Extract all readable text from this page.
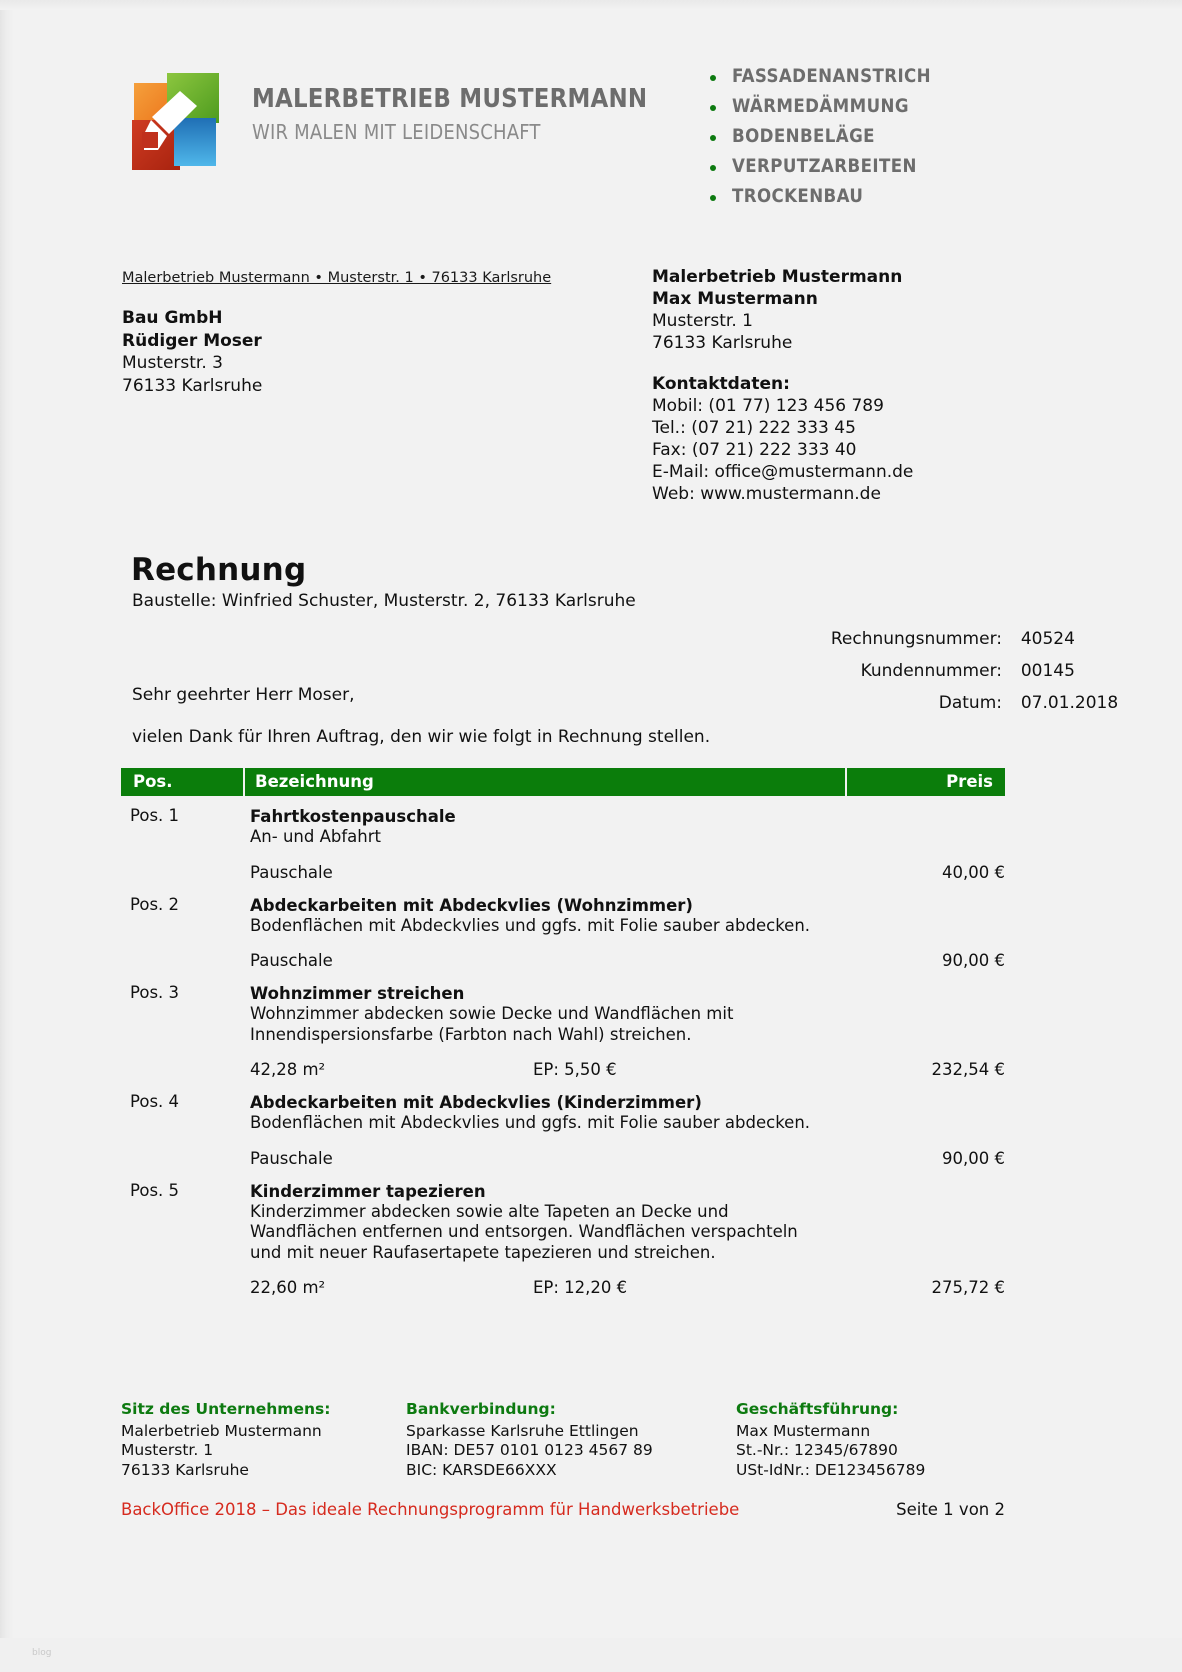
MALERBETRIEB MUSTERMANN
WIR MALEN MIT LEIDENSCHAFT
FASSADENANSTRICH
WÄRMEDÄMMUNG
BODENBELÄGE
VERPUTZARBEITEN
TROCKENBAU
Malerbetrieb Mustermann • Musterstr. 1 • 76133 Karlsruhe
Bau GmbH
Rüdiger Moser
Musterstr. 3
76133 Karlsruhe
Malerbetrieb Mustermann
Max Mustermann
Musterstr. 1
76133 Karlsruhe
Kontaktdaten:
Mobil: (01 77) 123 456 789
Tel.: (07 21) 222 333 45
Fax: (07 21) 222 333 40
E-Mail: office@mustermann.de
Web: www.mustermann.de
Rechnung
Baustelle: Winfried Schuster, Musterstr. 2, 76133 Karlsruhe
Rechnungsnummer: 40524
Kundennummer: 00145
Datum: 07.01.2018
Sehr geehrter Herr Moser,
vielen Dank für Ihren Auftrag, den wir wie folgt in Rechnung stellen.
Pos.	Bezeichnung	Preis
Pos. 1	Fahrtkostenpauschale
An- und Abfahrt
Pauschale	40,00 €
Pos. 2	Abdeckarbeiten mit Abdeckvlies (Wohnzimmer)
Bodenflächen mit Abdeckvlies und ggfs. mit Folie sauber abdecken.
Pauschale	90,00 €
Pos. 3	Wohnzimmer streichen
Wohnzimmer abdecken sowie Decke und Wandflächen mit
Innendispersionsfarbe (Farbton nach Wahl) streichen.
42,28 m²	EP: 5,50 €	232,54 €
Pos. 4	Abdeckarbeiten mit Abdeckvlies (Kinderzimmer)
Bodenflächen mit Abdeckvlies und ggfs. mit Folie sauber abdecken.
Pauschale	90,00 €
Pos. 5	Kinderzimmer tapezieren
Kinderzimmer abdecken sowie alte Tapeten an Decke und
Wandflächen entfernen und entsorgen. Wandflächen verspachteln
und mit neuer Raufasertapete tapezieren und streichen.
22,60 m²	EP: 12,20 €	275,72 €
Sitz des Unternehmens:
Malerbetrieb Mustermann
Musterstr. 1
76133 Karlsruhe
Bankverbindung:
Sparkasse Karlsruhe Ettlingen
IBAN: DE57 0101 0123 4567 89
BIC: KARSDE66XXX
Geschäftsführung:
Max Mustermann
St.-Nr.: 12345/67890
USt-IdNr.: DE123456789
BackOffice 2018 – Das ideale Rechnungsprogramm für Handwerksbetriebe	Seite 1 von 2
blog
